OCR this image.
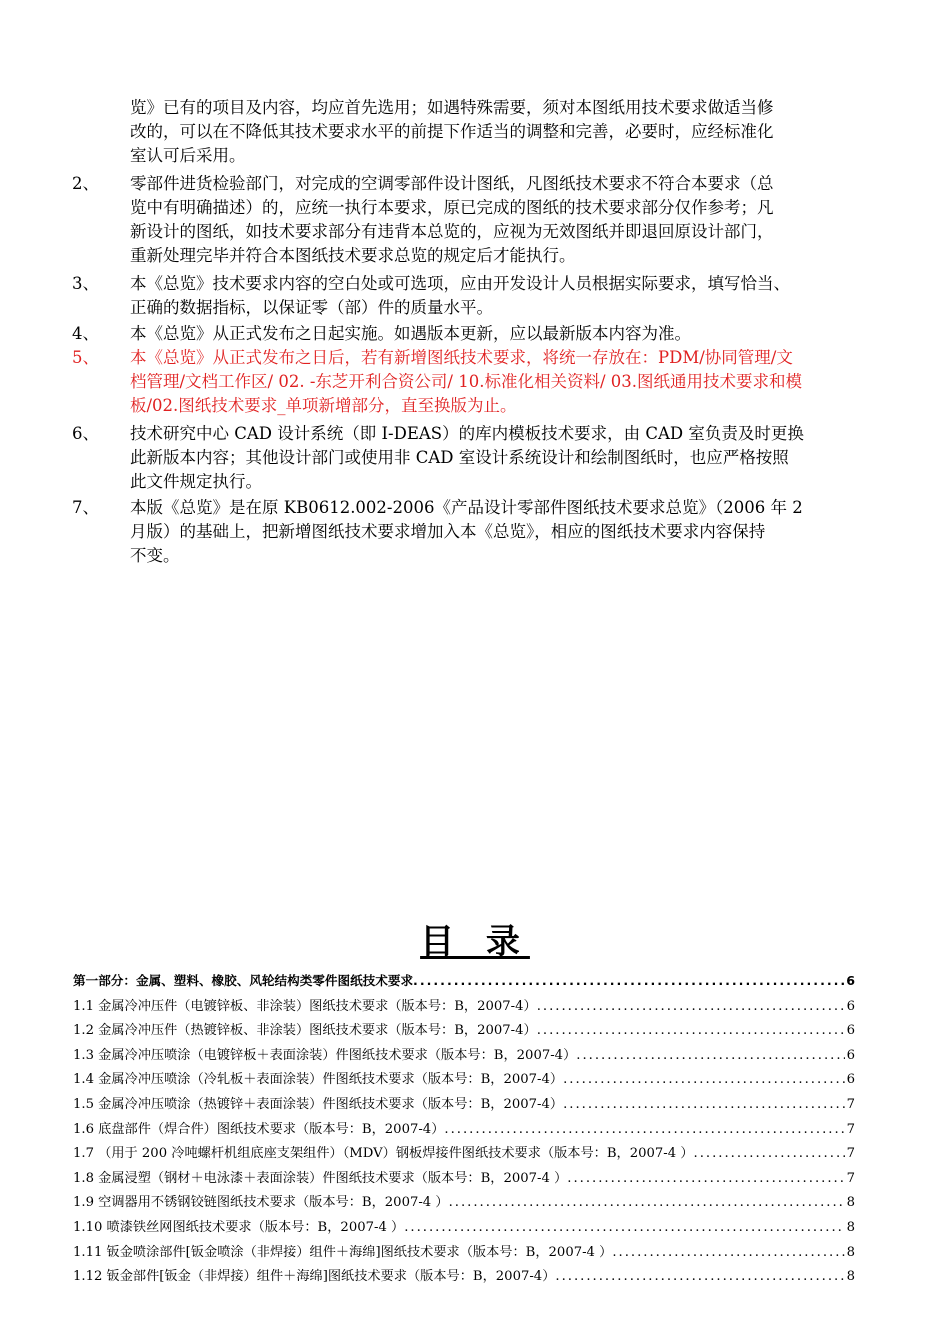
览》已有的项目及内容，均应首先选用；如遇特殊需要，须对本图纸用技术要求做适当修
改的，可以在不降低其技术要求水平的前提下作适当的调整和完善，必要时，应经标准化
室认可后采用。
2、 零部件进货检验部门，对完成的空调零部件设计图纸，凡图纸技术要求不符合本要求（总
览中有明确描述）的，应统一执行本要求，原已完成的图纸的技术要求部分仅作参考；凡
新设计的图纸，如技术要求部分有违背本总览的，应视为无效图纸并即退回原设计部门，
重新处理完毕并符合本图纸技术要求总览的规定后才能执行。
3、 本《总览》技术要求内容的空白处或可选项，应由开发设计人员根据实际要求，填写恰当、
正确的数据指标，以保证零（部）件的质量水平。
4、 本《总览》从正式发布之日起实施。如遇版本更新，应以最新版本内容为准。
5、 本《总览》从正式发布之日后，若有新增图纸技术要求，将统一存放在：PDM/协同管理/文
档管理/文档工作区/ 02. -东芝开利合资公司/ 10.标准化相关资料/ 03.图纸通用技术要求和模
板/02.图纸技术要求_单项新增部分，直至换版为止。
6、 技术研究中心 CAD 设计系统（即 I-DEAS）的库内模板技术要求，由 CAD 室负责及时更换
此新版本内容；其他设计部门或使用非 CAD 室设计系统设计和绘制图纸时，也应严格按照
此文件规定执行。
7、 本版《总览》是在原 KB0612.002-2006《产品设计零部件图纸技术要求总览》（2006 年 2
月版）的基础上，把新增图纸技术要求增加入本《总览》，相应的图纸技术要求内容保持
不变。
目 录
第一部分：金属、塑料、橡胶、风轮结构类零件图纸技术要求 .....	6
1.1 金属冷冲压件（电镀锌板、非涂装）图纸技术要求（版本号：B，2007-4） .....	6
1.2 金属冷冲压件（热镀锌板、非涂装）图纸技术要求（版本号：B，2007-4） .....	6
1.3 金属冷冲压喷涂（电镀锌板＋表面涂装）件图纸技术要求（版本号：B，2007-4） .....	6
1.4 金属冷冲压喷涂（冷轧板＋表面涂装）件图纸技术要求（版本号：B，2007-4） .....	6
1.5 金属冷冲压喷涂（热镀锌＋表面涂装）件图纸技术要求（版本号：B，2007-4） .....	7
1.6 底盘部件（焊合件）图纸技术要求（版本号：B，2007-4） .....	7
1.7 （用于 200 冷吨螺杆机组底座支架组件）（MDV）钢板焊接件图纸技术要求（版本号：B，2007-4 ） .....	7
1.8 金属浸塑（钢材＋电泳漆＋表面涂装）件图纸技术要求（版本号：B，2007-4 ） .....	7
1.9 空调器用不锈钢铰链图纸技术要求（版本号：B，2007-4 ） .....	8
1.10 喷漆铁丝网图纸技术要求（版本号：B，2007-4 ） .....	8
1.11 钣金喷涂部件[钣金喷涂（非焊接）组件＋海绵]图纸技术要求（版本号：B，2007-4 ） .....	8
1.12 钣金部件[钣金（非焊接）组件＋海绵]图纸技术要求（版本号：B，2007-4） .....	8
